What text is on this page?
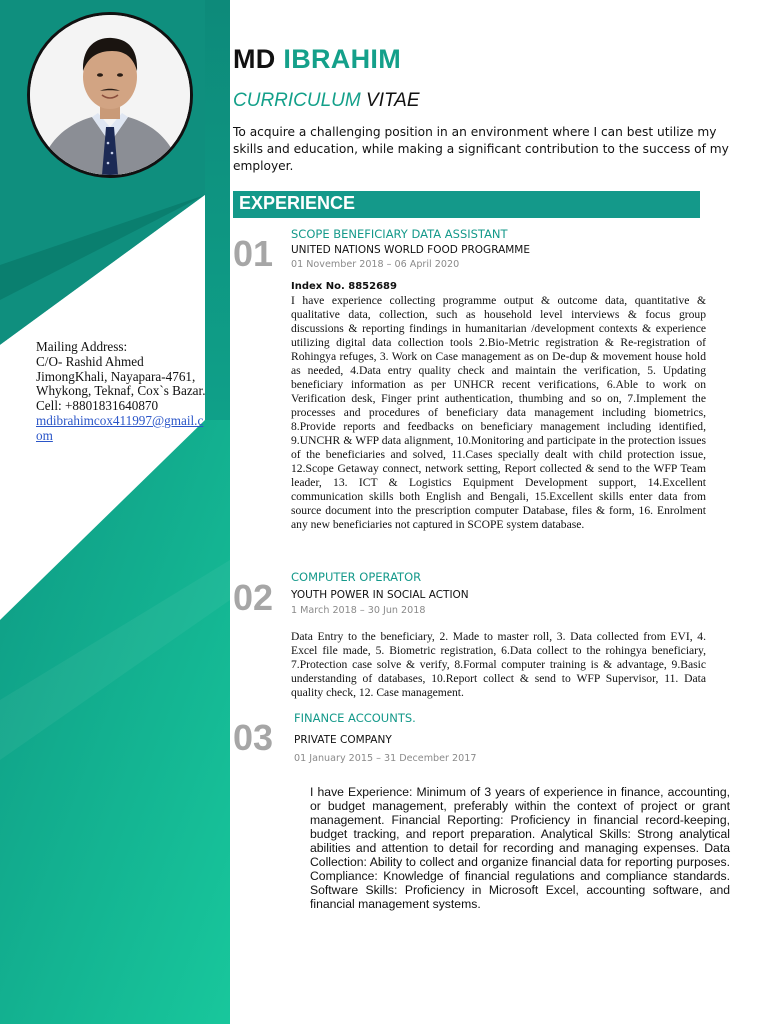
Mailing Address:
C/O- Rashid Ahmed
JimongKhali, Nayapara-4761, Whykong, Teknaf, Cox`s Bazar.
Cell: +8801831640870
mdibrahimcox411997@gmail.com
MD IBRAHIM
CURRICULUM VITAE
To acquire a challenging position in an environment where I can best utilize my skills and education, while making a significant contribution to the success of my employer.
EXPERIENCE
01 SCOPE BENEFICIARY DATA ASSISTANT
UNITED NATIONS WORLD FOOD PROGRAMME
01 November 2018 – 06 April 2020
Index No. 8852689
I have experience collecting programme output & outcome data, quantitative & qualitative data, collection, such as household level interviews & focus group discussions & reporting findings in humanitarian /development contexts & experience utilizing digital data collection tools 2.Bio-Metric registration & Re-registration of Rohingya refuges, 3. Work on Case management as on De-dup & movement house hold as needed, 4.Data entry quality check and maintain the verification, 5. Updating beneficiary information as per UNHCR recent verifications, 6.Able to work on Verification desk, Finger print authentication, thumbing and so on, 7.Implement the processes and procedures of beneficiary data management including biometrics, 8.Provide reports and feedbacks on beneficiary management including identified, 9.UNCHR & WFP data alignment, 10.Monitoring and participate in the protection issues of the beneficiaries and solved, 11.Cases specially dealt with child protection issue, 12.Scope Getaway connect, network setting, Report collected & send to the WFP Team leader, 13. ICT & Logistics Equipment Development support, 14.Excellent communication skills both English and Bengali, 15.Excellent skills enter data from source document into the prescription computer Database, files & form, 16. Enrolment any new beneficiaries not captured in SCOPE system database.
02 COMPUTER OPERATOR
YOUTH POWER IN SOCIAL ACTION
1 March 2018 – 30 Jun 2018
Data Entry to the beneficiary, 2. Made to master roll, 3. Data collected from EVI, 4. Excel file made, 5. Biometric registration, 6.Data collect to the rohingya beneficiary, 7.Protection case solve & verify, 8.Formal computer training is & advantage, 9.Basic understanding of databases, 10.Report collect & send to WFP Supervisor, 11. Data quality check, 12. Case management.
03 FINANCE ACCOUNTS.
PRIVATE COMPANY
01 January 2015 – 31 December 2017
I have Experience: Minimum of 3 years of experience in finance, accounting, or budget management, preferably within the context of project or grant management. Financial Reporting: Proficiency in financial record-keeping, budget tracking, and report preparation. Analytical Skills: Strong analytical abilities and attention to detail for recording and managing expenses. Data Collection: Ability to collect and organize financial data for reporting purposes. Compliance: Knowledge of financial regulations and compliance standards. Software Skills: Proficiency in Microsoft Excel, accounting software, and financial management systems.
